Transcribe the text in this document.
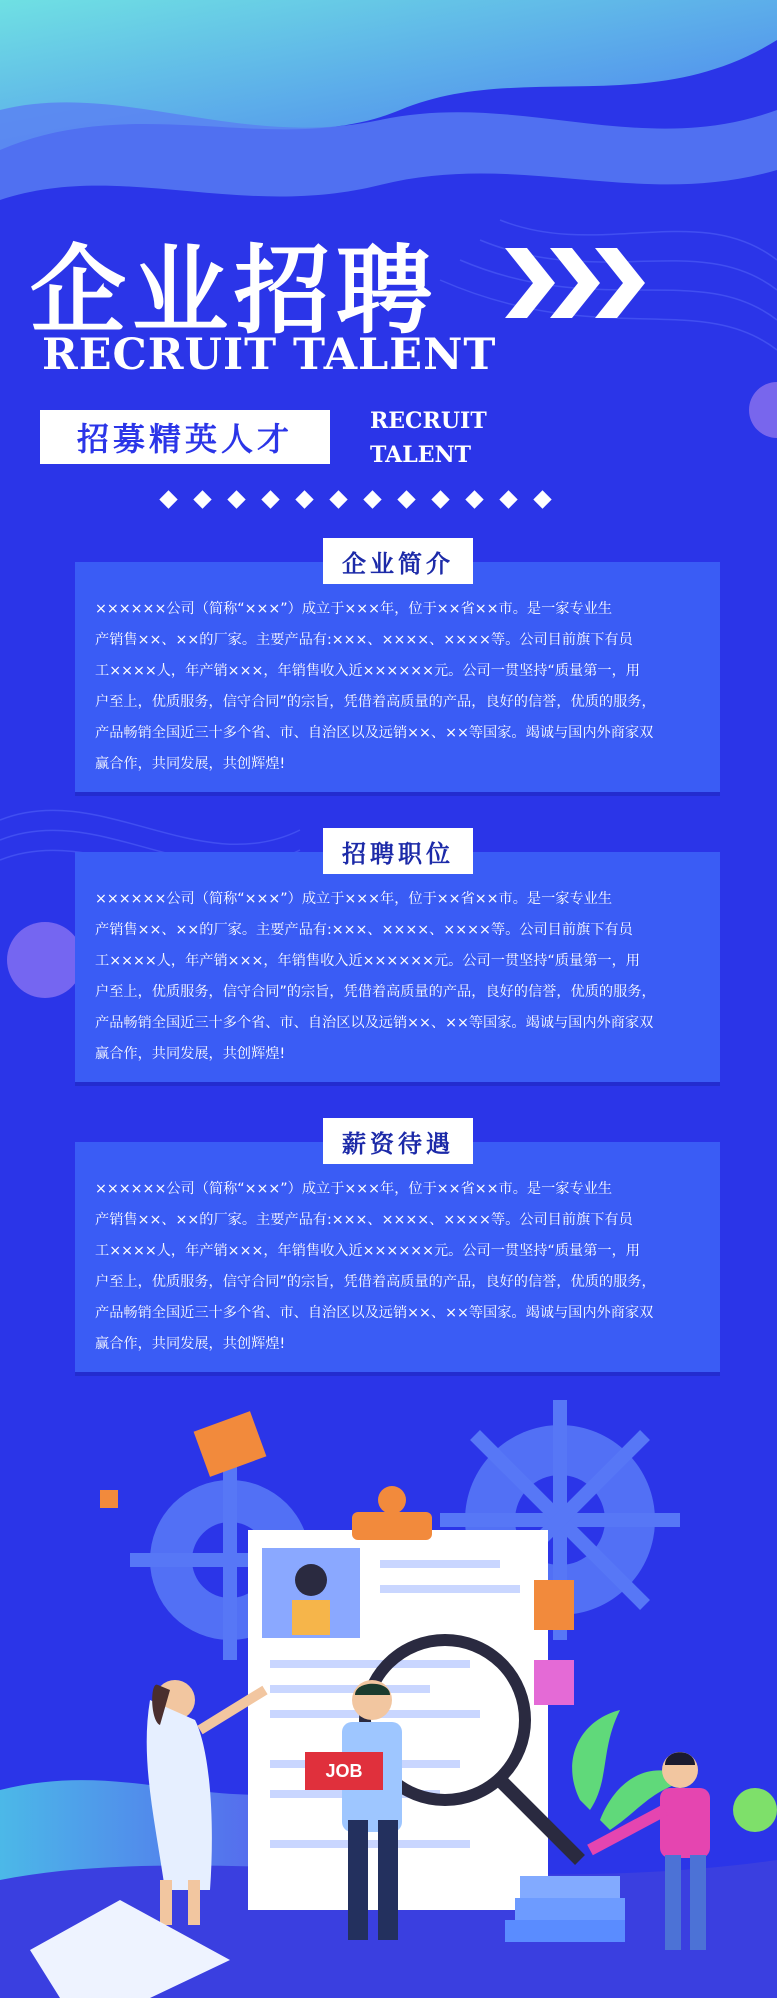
企业招聘
RECRUIT TALENT
招募精英人才	RECRUIT
TALENT
企业简介
××××××公司（简称“×××”）成立于×××年，位于××省××市。是一家专业生
产销售××、××的厂家。主要产品有:×××、××××、××××等。公司目前旗下有员
工××××人，年产销×××，年销售收入近××××××元。公司一贯坚持“质量第一，用
户至上，优质服务，信守合同”的宗旨，凭借着高质量的产品，良好的信誉，优质的服务，
产品畅销全国近三十多个省、市、自治区以及远销××、××等国家。竭诚与国内外商家双
赢合作，共同发展，共创辉煌!
招聘职位
××××××公司（简称“×××”）成立于×××年，位于××省××市。是一家专业生
产销售××、××的厂家。主要产品有:×××、××××、××××等。公司目前旗下有员
工××××人，年产销×××，年销售收入近××××××元。公司一贯坚持“质量第一，用
户至上，优质服务，信守合同”的宗旨，凭借着高质量的产品，良好的信誉，优质的服务，
产品畅销全国近三十多个省、市、自治区以及远销××、××等国家。竭诚与国内外商家双
赢合作，共同发展，共创辉煌!
薪资待遇
××××××公司（简称“×××”）成立于×××年，位于××省××市。是一家专业生
产销售××、××的厂家。主要产品有:×××、××××、××××等。公司目前旗下有员
工××××人，年产销×××，年销售收入近××××××元。公司一贯坚持“质量第一，用
户至上，优质服务，信守合同”的宗旨，凭借着高质量的产品，良好的信誉，优质的服务，
产品畅销全国近三十多个省、市、自治区以及远销××、××等国家。竭诚与国内外商家双
赢合作，共同发展，共创辉煌!
JOB
